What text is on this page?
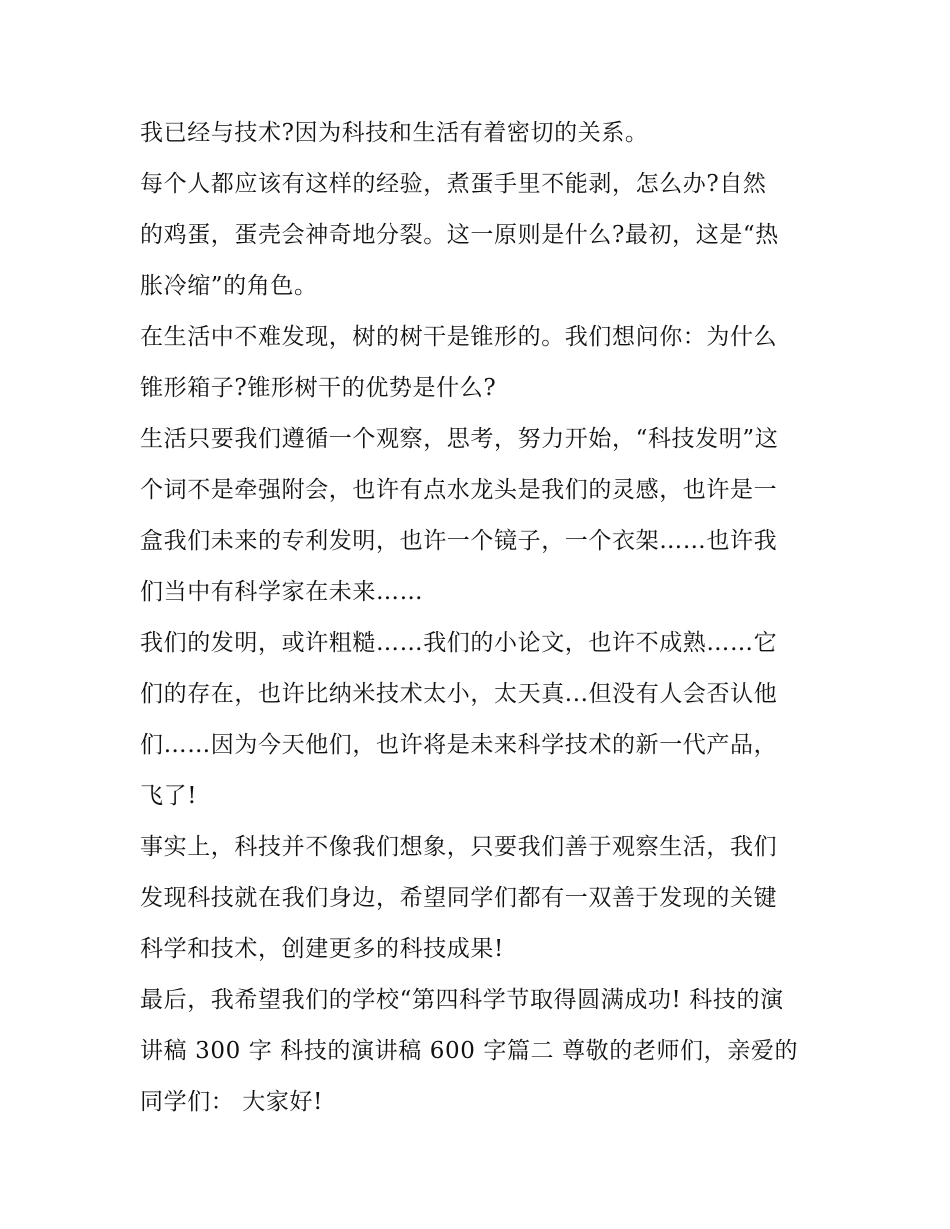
我已经与技术?因为科技和生活有着密切的关系。
每个人都应该有这样的经验，煮蛋手里不能剥，怎么办?自然
的鸡蛋，蛋壳会神奇地分裂。这一原则是什么?最初，这是“热
胀冷缩”的角色。
在生活中不难发现，树的树干是锥形的。我们想问你：为什么
锥形箱子?锥形树干的优势是什么?
生活只要我们遵循一个观察，思考，努力开始，“科技发明”这
个词不是牵强附会，也许有点水龙头是我们的灵感，也许是一
盒我们未来的专利发明，也许一个镜子，一个衣架……也许我
们当中有科学家在未来……
我们的发明，或许粗糙……我们的小论文，也许不成熟……它
们的存在，也许比纳米技术太小，太天真...但没有人会否认他
们……因为今天他们，也许将是未来科学技术的新一代产品，
飞了!
事实上，科技并不像我们想象，只要我们善于观察生活，我们
发现科技就在我们身边，希望同学们都有一双善于发现的关键
科学和技术，创建更多的科技成果!
最后，我希望我们的学校“第四科学节取得圆满成功! 科技的演
讲稿 300 字 科技的演讲稿 600 字篇二 尊敬的老师们，亲爱的
同学们： 大家好!
